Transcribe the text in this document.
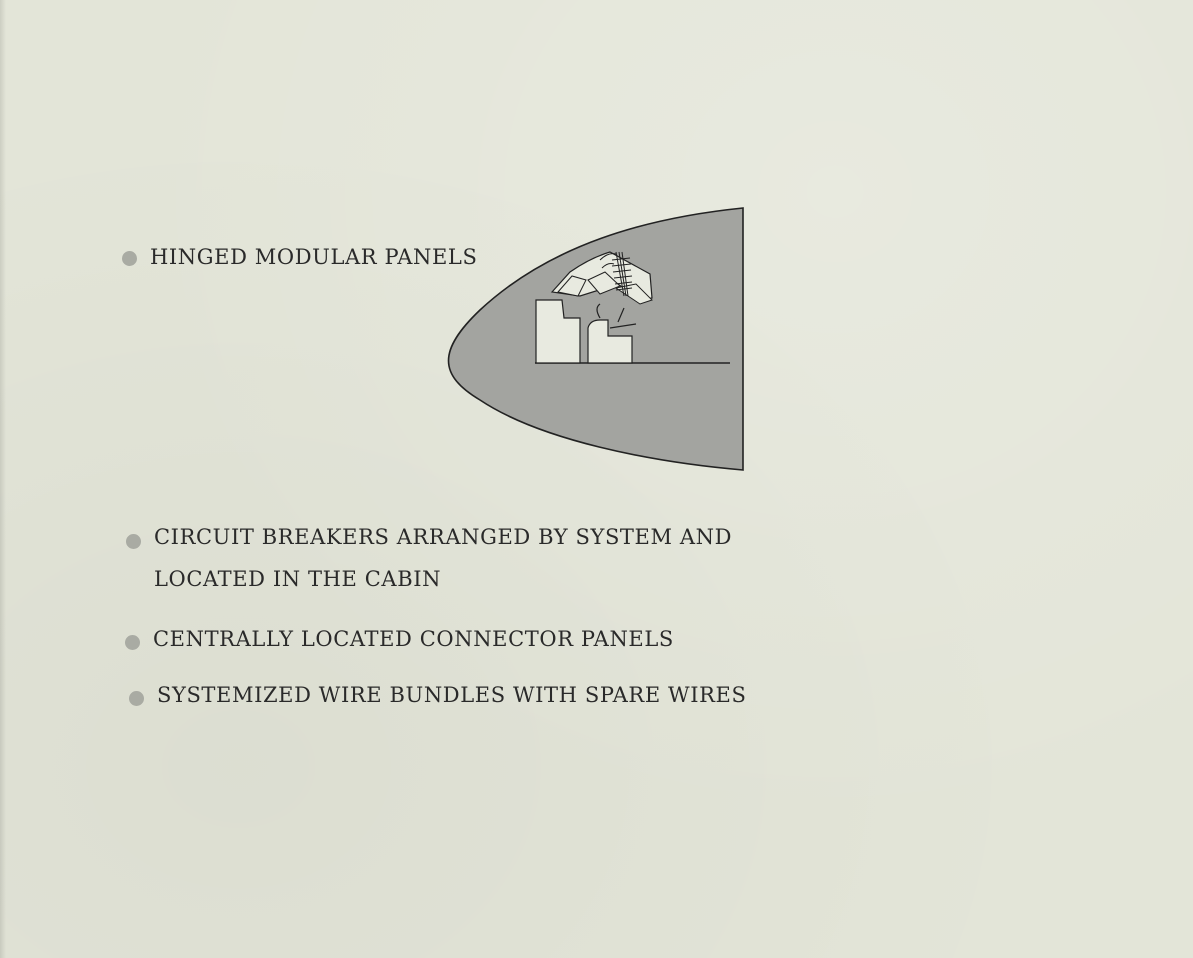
HINGED MODULAR PANELS
CIRCUIT BREAKERS ARRANGED BY SYSTEM AND
LOCATED IN THE CABIN
CENTRALLY LOCATED CONNECTOR PANELS
SYSTEMIZED WIRE BUNDLES WITH SPARE WIRES
